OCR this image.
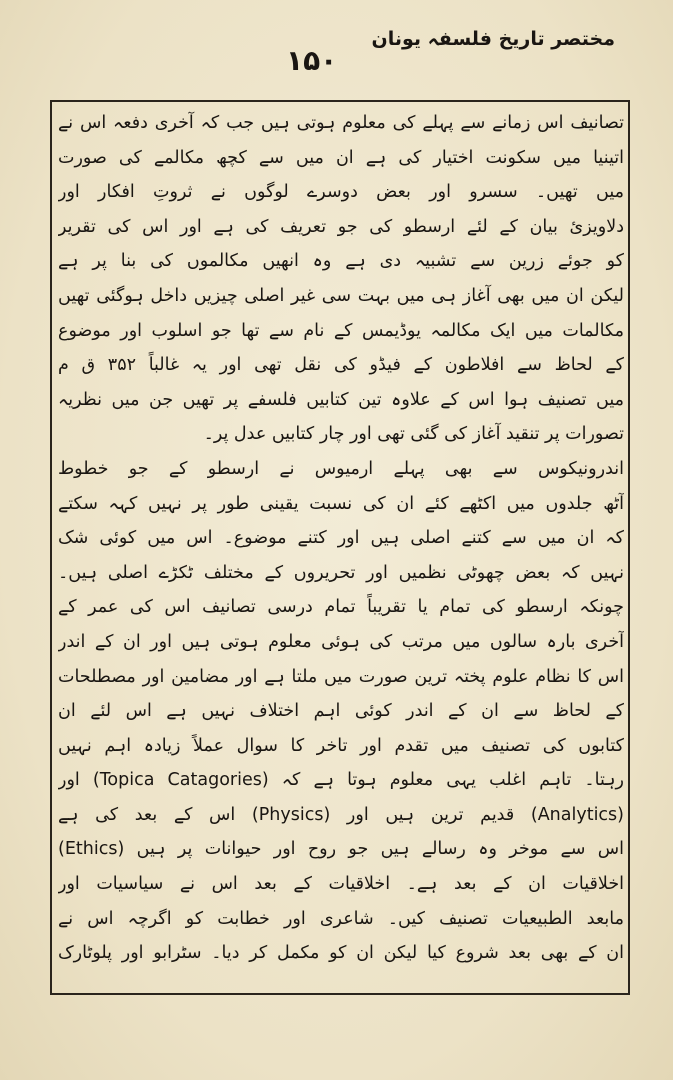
مختصر تاریخ فلسفہ یونان
۱۵۰
تصانیف اس زمانے سے پہلے کی معلوم ہوتی ہیں جب کہ آخری دفعہ اس نے
اتینیا میں سکونت اختیار کی ہے ان میں سے کچھ مکالمے کی صورت
میں تھیں۔ سسرو اور بعض دوسرے لوگوں نے ثروتِ افکار اور
دلاویزیٔ بیان کے لئے ارسطو کی جو تعریف کی ہے اور اس کی تقریر
کو جوئے زرین سے تشبیہ دی ہے وہ انھیں مکالموں کی بنا پر ہے
لیکن ان میں بھی آغاز ہی میں بہت سی غیر اصلی چیزیں داخل ہوگئی تھیں
مکالمات میں ایک مکالمہ یوڈیمس کے نام سے تھا جو اسلوب اور موضوع
کے لحاظ سے افلاطون کے فیڈو کی نقل تھی اور یہ غالباً ۳۵۲ ق م
میں تصنیف ہوا اس کے علاوہ تین کتابیں فلسفے پر تھیں جن میں نظریہ
تصورات پر تنقید آغاز کی گئی تھی اور چار کتابیں عدل پر۔
اندرونیکوس سے بھی پہلے ارمیوس نے ارسطو کے جو خطوط
آٹھ جلدوں میں اکٹھے کئے ان کی نسبت یقینی طور پر نہیں کہہ سکتے
کہ ان میں سے کتنے اصلی ہیں اور کتنے موضوع۔ اس میں کوئی شک
نہیں کہ بعض چھوٹی نظمیں اور تحریروں کے مختلف ٹکڑے اصلی ہیں۔
چونکہ ارسطو کی تمام یا تقریباً تمام درسی تصانیف اس کی عمر کے
آخری بارہ سالوں میں مرتب کی ہوئی معلوم ہوتی ہیں اور ان کے اندر
اس کا نظام علوم پختہ ترین صورت میں ملتا ہے اور مضامین اور مصطلحات
کے لحاظ سے ان کے اندر کوئی اہم اختلاف نہیں ہے اس لئے ان
کتابوں کی تصنیف میں تقدم اور تاخر کا سوال عملاً زیادہ اہم نہیں
رہتا۔ تاہم اغلب یہی معلوم ہوتا ہے کہ (Topica Catagories) اور
(Analytics) قدیم ترین ہیں اور (Physics) اس کے بعد کی ہے
اس سے موخر وہ رسالے ہیں جو روح اور حیوانات پر ہیں (Ethics)
اخلاقیات ان کے بعد ہے۔ اخلاقیات کے بعد اس نے سیاسیات اور
مابعد الطبیعیات تصنیف کیں۔ شاعری اور خطابت کو اگرچہ اس نے
ان کے بھی بعد شروع کیا لیکن ان کو مکمل کر دیا۔ سٹرابو اور پلوٹارک
